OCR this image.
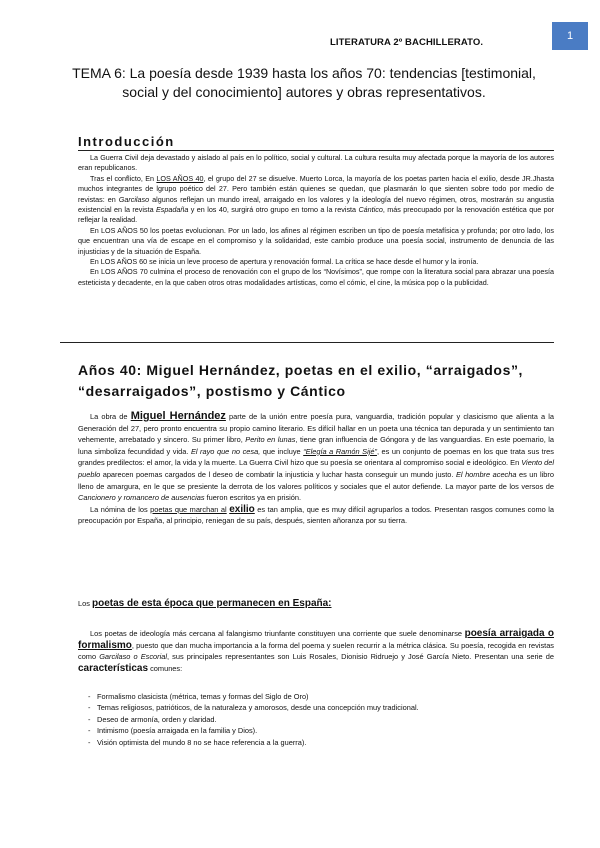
1
LITERATURA 2º BACHILLERATO.
TEMA 6: La poesía desde 1939 hasta los años 70: tendencias [testimonial, social y del conocimiento] autores y obras representativos.
Introducción

La Guerra Civil deja devastado y aislado al país en lo político, social y cultural. La cultura resulta muy afectada porque la mayoría de los autores eran republicanos.

Tras el conflicto, En LOS AÑOS 40, el grupo del 27 se disuelve. Muerto Lorca, la mayoría de los poetas parten hacia el exilio, desde JR.Jhasta muchos integrantes de lgrupo poético del 27. Pero también están quienes se quedan, que plasmarán lo que sienten sobre todo por medio de revistas: en Garcilaso algunos reflejan un mundo irreal, arraigado en los valores y la ideología del nuevo régimen, otros, mostrarán su angustia existencial en la revista Espadaña y en los 40, surgirá otro grupo en torno a la revista Cántico, más preocupado por la renovación estética que por reflejar la realidad.

En LOS AÑOS 50 los poetas evolucionan. Por un lado, los afines al régimen escriben un tipo de poesía metafísica y profunda; por otro lado, los que encuentran una vía de escape en el compromiso y la solidaridad, este cambio produce una poesía social, instrumento de denuncia de las injusticias y de la situación de España.

En LOS AÑOS 60 se inicia un leve proceso de apertura y renovación formal. La crítica se hace desde el humor y la ironía.

En LOS AÑOS 70 culmina el proceso de renovación con el grupo de los “Novísimos”, que rompe con la literatura social para abrazar una poesía esteticista y decadente, en la que caben otros otras modalidades artísticas, como el cómic, el cine, la música pop o la publicidad.

Años 40: Miguel Hernández, poetas en el exilio, “arraigados”, “desarraigados”, postismo y Cántico

La obra de Miguel Hernández parte de la unión entre poesía pura, vanguardia, tradición popular y clasicismo que alienta a la Generación del 27, pero pronto encuentra su propio camino literario. Es difícil hallar en un poeta una técnica tan depurada y un sentimiento tan vehemente, arrebatado y sincero. Su primer libro, Perito en lunas, tiene gran influencia de Góngora y de las vanguardias. En este poemario, la luna simboliza fecundidad y vida. El rayo que no cesa, que incluye “Elegía a Ramón Sijé”, es un conjunto de poemas en los que trata sus tres grandes predilectos: el amor, la vida y la muerte. La Guerra Civil hizo que su poesía se orientara al compromiso social e ideológico. En Viento del pueblo aparecen poemas cargados de l deseo de combatir la injusticia y luchar hasta conseguir un mundo justo. El hombre acecha es un libro lleno de amargura, en le que se presiente la derrota de los valores políticos y sociales que el autor defiende. La mayor parte de los versos de Cancionero y romancero de ausencias fueron escritos ya en prisión.

La nómina de los poetas que marchan al exilio es tan amplia, que es muy difícil agruparlos a todos. Presentan rasgos comunes como la preocupación por España, al principio, reniegan de su país, después, sienten añoranza por su tierra.

Los poetas de esta época que permanecen en España:

Los poetas de ideología más cercana al falangismo triunfante constituyen una corriente que suele denominarse poesía arraigada o formalismo, puesto que dan mucha importancia a la forma del poema y suelen recurrir a la métrica clásica. Su poesía, recogida en revistas como Garcilaso o Escorial, sus principales representantes son Luis Rosales, Dionisio Ridruejo y José García Nieto. Presentan una serie de características comunes:

- Formalismo clasicista (métrica, temas y formas del Siglo de Oro)
- Temas religiosos, patrióticos, de la naturaleza y amorosos, desde una concepción muy tradicional.
- Deseo de armonía, orden y claridad.
- Intimismo (poesía arraigada en la familia y Dios).
- Visión optimista del mundo 8 no se hace referencia a la guerra).
